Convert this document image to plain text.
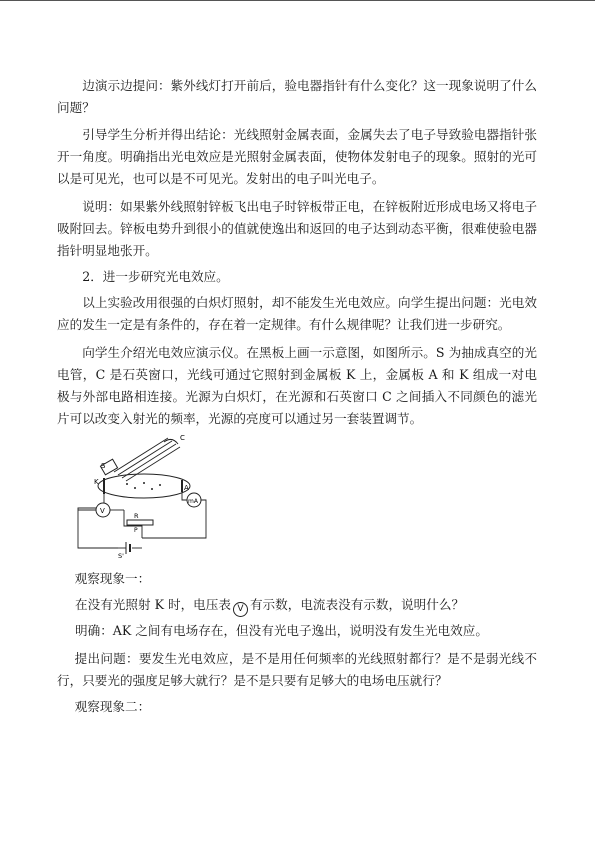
边演示边提问：紫外线灯打开前后，验电器指针有什么变化？这一现象说明了什么问题？

引导学生分析并得出结论：光线照射金属表面，金属失去了电子导致验电器指针张开一角度。明确指出光电效应是光照射金属表面，使物体发射电子的现象。照射的光可以是可见光，也可以是不可见光。发射出的电子叫光电子。

说明：如果紫外线照射锌板飞出电子时锌板带正电，在锌板附近形成电场又将电子吸附回去。锌板电势升到很小的值就使逸出和返回的电子达到动态平衡，很难使验电器指针明显地张开。

2．进一步研究光电效应。

以上实验改用很强的白炽灯照射，却不能发生光电效应。向学生提出问题：光电效应的发生一定是有条件的，存在着一定规律。有什么规律呢？让我们进一步研究。

向学生介绍光电效应演示仪。在黑板上画一示意图，如图所示。S 为抽成真空的光电管，C 是石英窗口，光线可通过它照射到金属板 K 上，金属板 A 和 K 组成一对电极与外部电路相连接。光源为白炽灯，在光源和石英窗口 C 之间插入不同颜色的滤光片可以改变入射光的频率，光源的亮度可以通过另一套装置调节。

S
C
K
A
mA
V
R
P
S'

观察现象一：

在没有光照射 K 时，电压表 V 有示数，电流表没有示数，说明什么？
明确：AK 之间有电场存在，但没有光电子逸出，说明没有发生光电效应。

提出问题：要发生光电效应，是不是用任何频率的光线照射都行？是不是弱光线不行，只要光的强度足够大就行？是不是只要有足够大的电场电压就行？

观察现象二：
